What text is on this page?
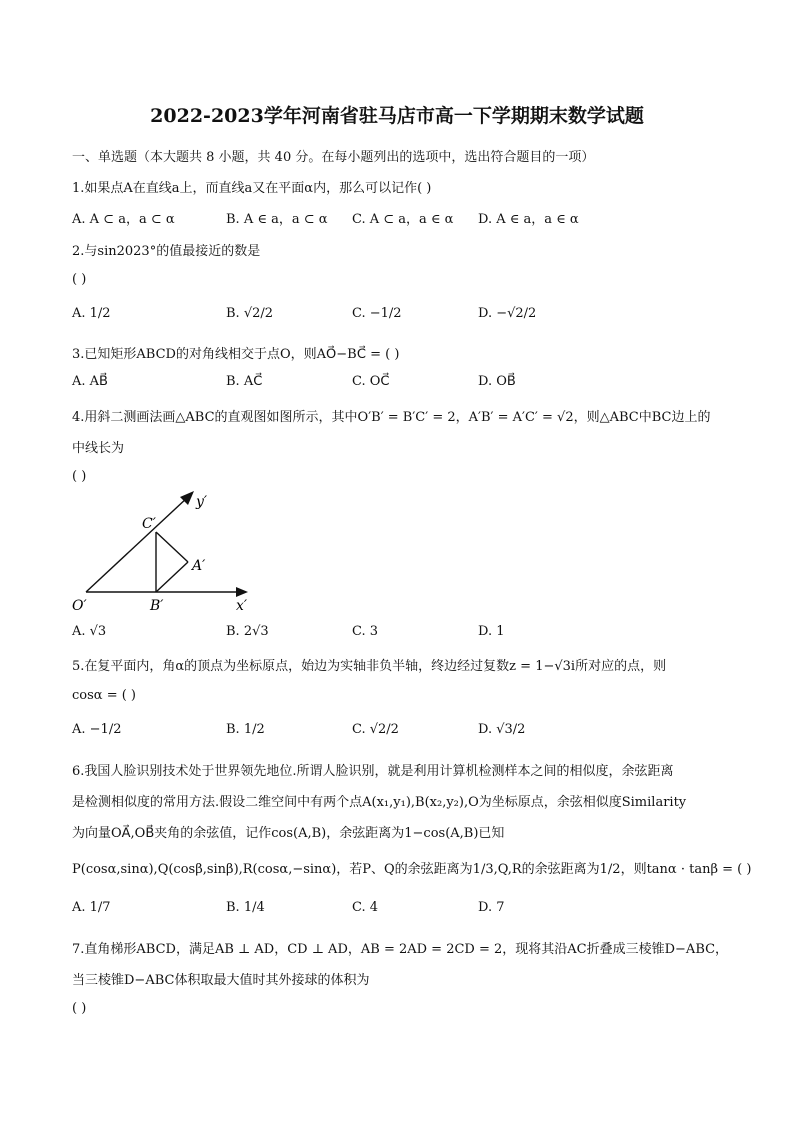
2022-2023学年河南省驻马店市高一下学期期末数学试题
一、单选题（本大题共 8 小题，共 40 分。在每小题列出的选项中，选出符合题目的一项）
1.如果点A在直线a上，而直线a又在平面α内，那么可以记作( )
A. A ⊂ a，a ⊂ α	B. A ∈ a，a ⊂ α C. A ⊂ a，a ∈ α D. A ∈ a，a ∈ α
2.与sin2023°的值最接近的数是
( )
A. 1/2	B. √2/2	C. −1/2	D. −√2/2
3.已知矩形ABCD的对角线相交于点O，则AO⃗−BC⃗ = ( )
A. AB⃗	B. AC⃗	C. OC⃗	D. OB⃗
4.用斜二测画法画△ABC的直观图如图所示，其中O′B′ = B′C′ = 2，A′B′ = A′C′ = √2，则△ABC中BC边上的
中线长为
( )
y′
C′
A′
O′	B′	x′
A. √3	B. 2√3	C. 3	D. 1
5.在复平面内，角α的顶点为坐标原点，始边为实轴非负半轴，终边经过复数z = 1−√3i所对应的点，则
cosα = ( )
A. −1/2	B. 1/2	C. √2/2	D. √3/2
6.我国人脸识别技术处于世界领先地位.所谓人脸识别，就是利用计算机检测样本之间的相似度，余弦距离
是检测相似度的常用方法.假设二维空间中有两个点A(x₁,y₁),B(x₂,y₂),O为坐标原点，余弦相似度Similarity
为向量OA⃗,OB⃗夹角的余弦值，记作cos(A,B)，余弦距离为1−cos(A,B)已知
P(cosα,sinα),Q(cosβ,sinβ),R(cosα,−sinα)，若P、Q的余弦距离为1/3,Q,R的余弦距离为1/2，则tanα · tanβ = ( )
A. 1/7	B. 1/4	C. 4	D. 7
7.直角梯形ABCD，满足AB ⊥ AD，CD ⊥ AD，AB = 2AD = 2CD = 2，现将其沿AC折叠成三棱锥D−ABC，
当三棱锥D−ABC体积取最大值时其外接球的体积为
( )
